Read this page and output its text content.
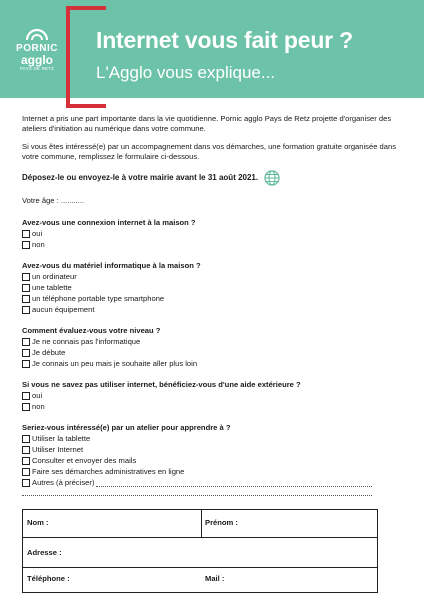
PORNIC
agglo
PAYS DE RETZ
Internet vous fait peur ?
L'Agglo vous explique...

Internet a pris une part importante dans la vie quotidienne. Pornic agglo Pays de Retz projette d'organiser des ateliers d'initiation au numérique dans votre commune.

Si vous êtes intéressé(e) par un accompagnement dans vos démarches, une formation gratuite organisée dans votre commune, remplissez le formulaire ci-dessous.

Déposez-le ou envoyez-le à votre mairie avant le 31 août 2021.

Votre âge : ...........

Avez-vous une connexion internet à la maison ?
oui
non
Avez-vous du matériel informatique à la maison ?
un ordinateur
une tablette
un téléphone portable type smartphone
aucun équipement
Comment évaluez-vous votre niveau ?
Je ne connais pas l'informatique
Je débute
Je connais un peu mais je souhaite aller plus loin
Si vous ne savez pas utiliser internet, bénéficiez-vous d'une aide extérieure ?
oui
non
Seriez-vous intéressé(e) par un atelier pour apprendre à ?
Utiliser la tablette
Utiliser Internet
Consulter et envoyer des mails
Faire ses démarches administratives en ligne
Autres (à préciser)
Nom :	Prénom :
Adresse :
Téléphone :	Mail :
